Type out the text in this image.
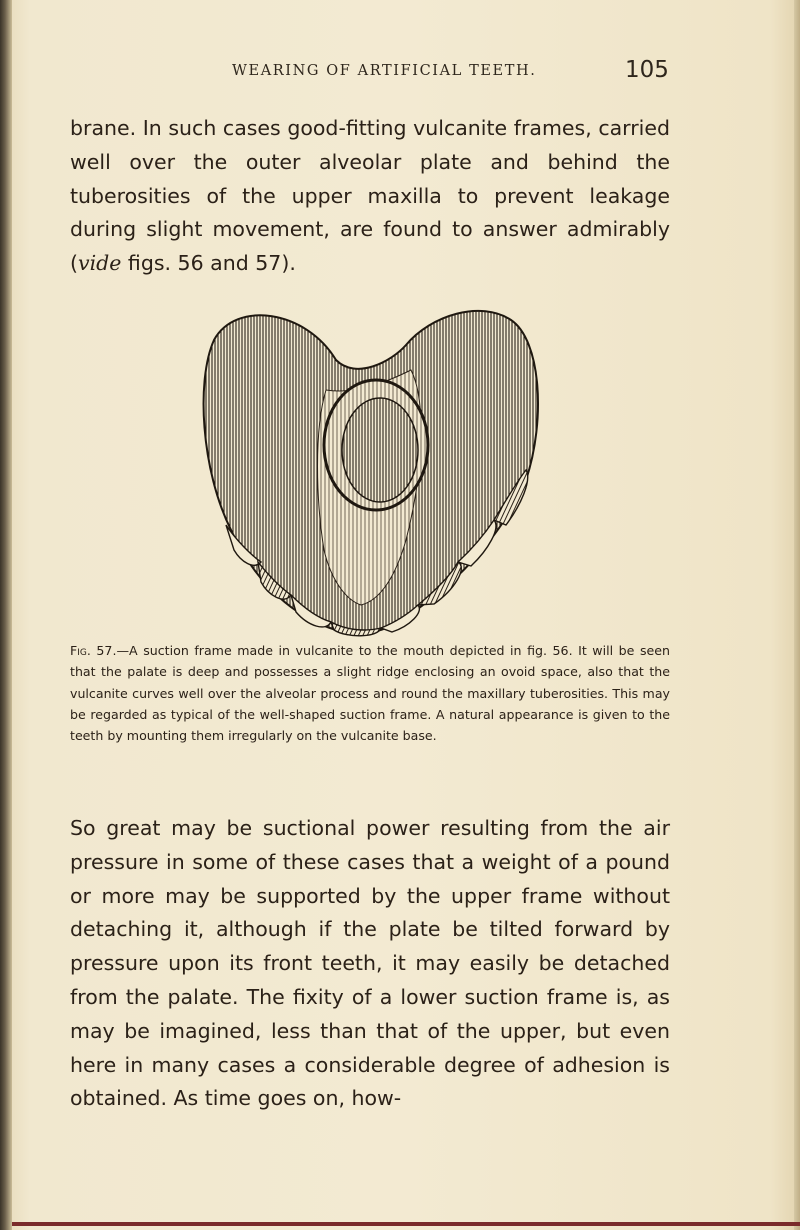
WEARING OF ARTIFICIAL TEETH.	105

brane. In such cases good-fitting vulcanite frames, carried well over the outer alveolar plate and behind the tuberosities of the upper maxilla to prevent leakage during slight movement, are found to answer admirably (vide figs. 56 and 57).

Fig. 57.—A suction frame made in vulcanite to the mouth depicted in fig. 56. It will be seen that the palate is deep and possesses a slight ridge enclosing an ovoid space, also that the vulcanite curves well over the alveolar process and round the maxillary tuberosities. This may be regarded as typical of the well-shaped suction frame. A natural appearance is given to the teeth by mounting them irregularly on the vulcanite base.

So great may be suctional power resulting from the air pressure in some of these cases that a weight of a pound or more may be supported by the upper frame without detaching it, although if the plate be tilted forward by pressure upon its front teeth, it may easily be detached from the palate. The fixity of a lower suction frame is, as may be imagined, less than that of the upper, but even here in many cases a considerable degree of adhesion is obtained. As time goes on, how-
